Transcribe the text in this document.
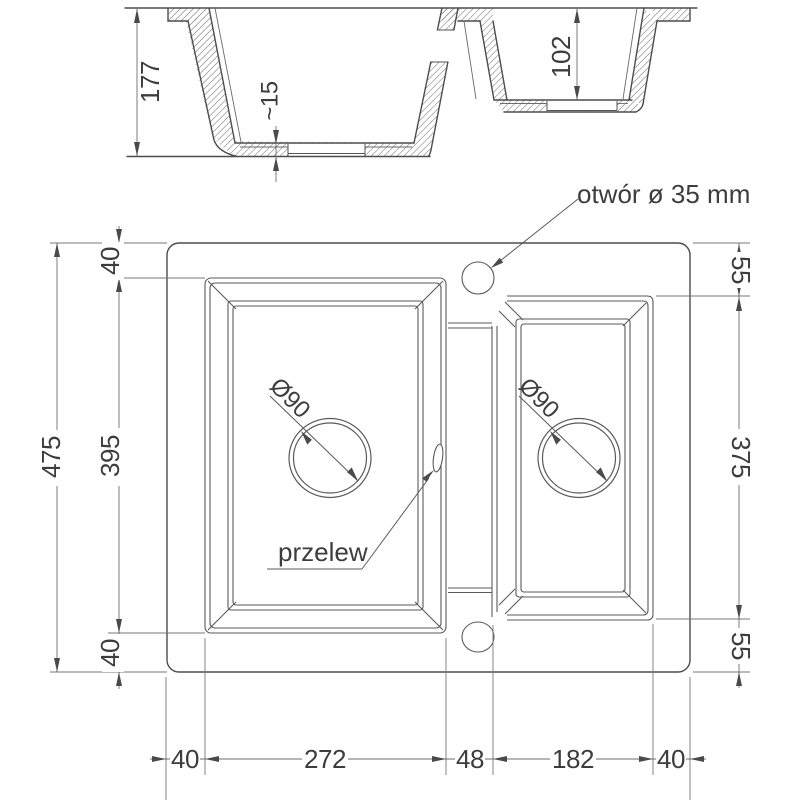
177	~15
102
otwór ø 35 mm
Ø90	Ø90
przelew
475
40
395
40
55
375
55
40	272	48	182 40
